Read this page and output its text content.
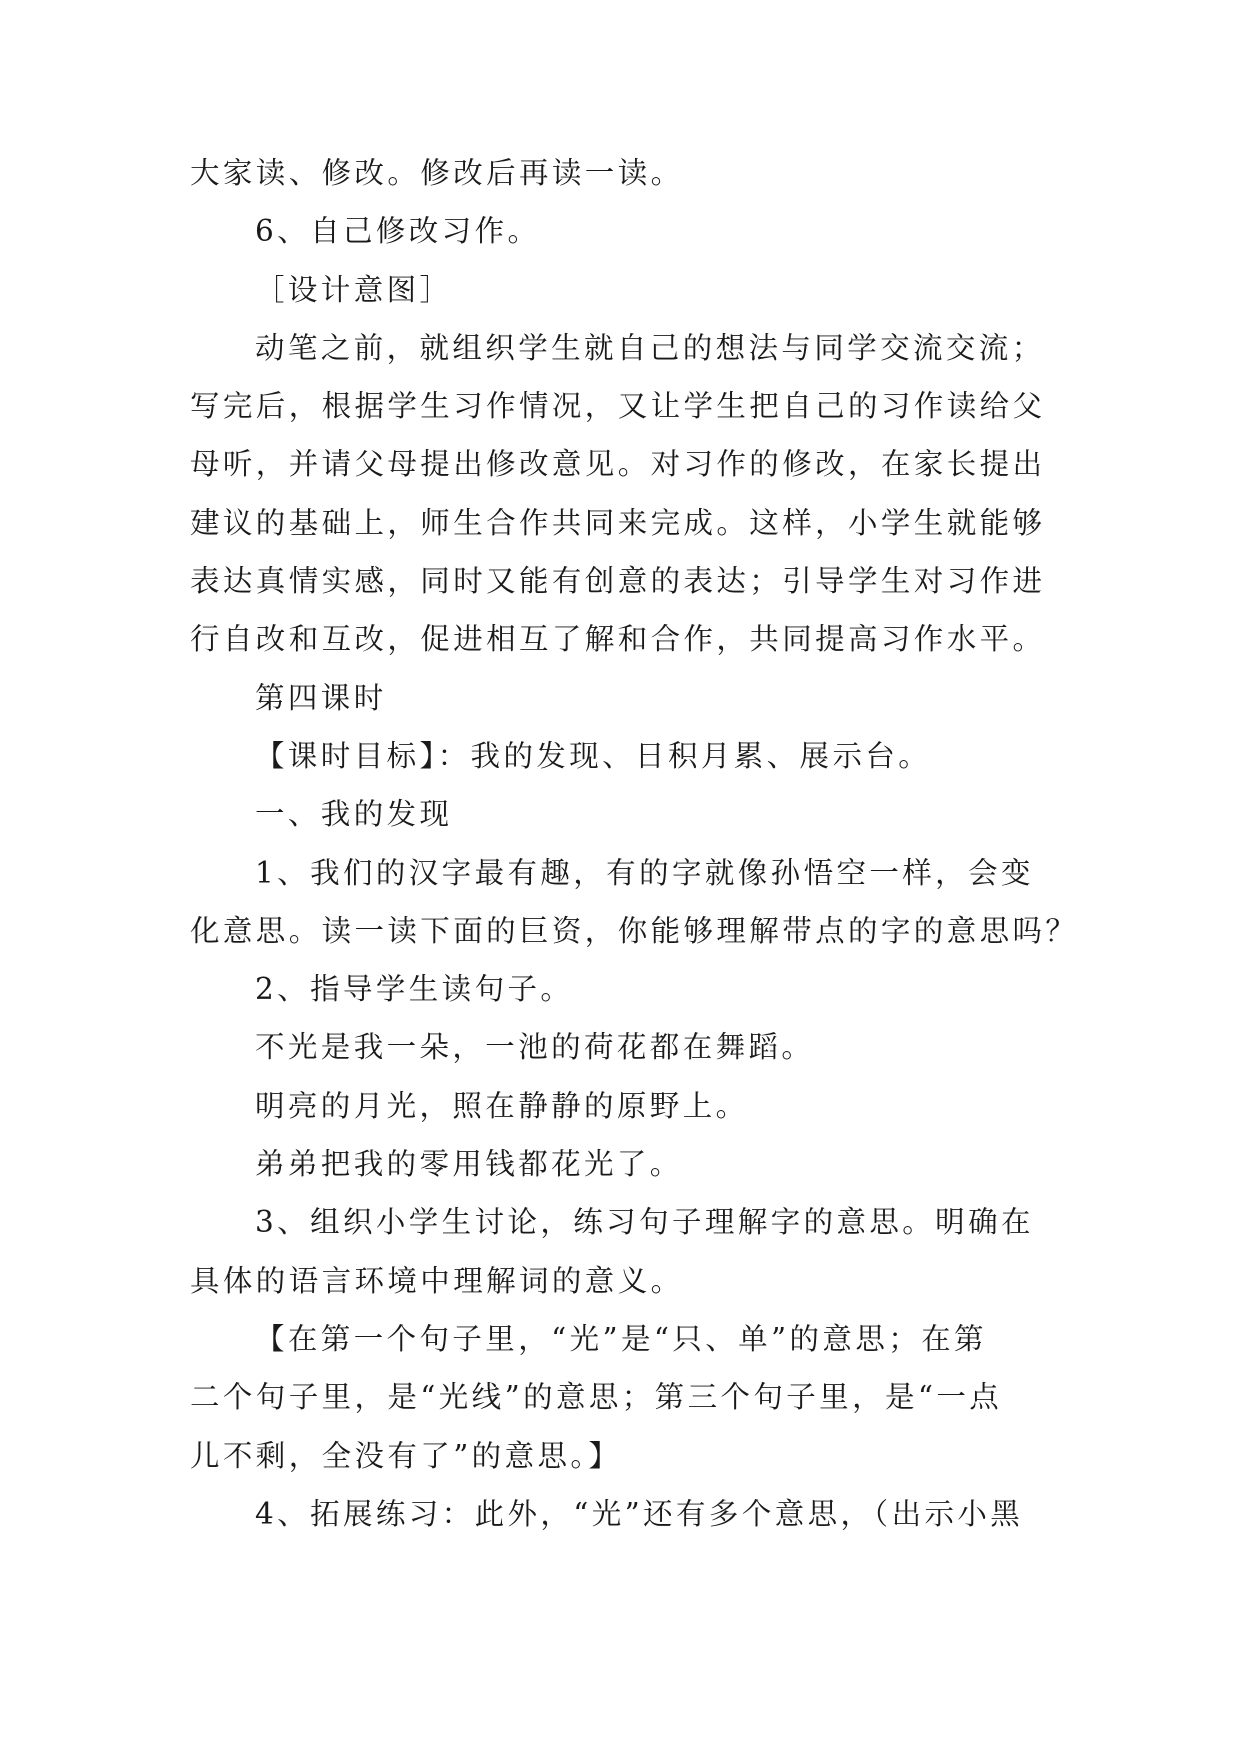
大家读、修改。修改后再读一读。
6、自己修改习作。
［设计意图］
动笔之前，就组织学生就自己的想法与同学交流交流；
写完后，根据学生习作情况，又让学生把自己的习作读给父
母听，并请父母提出修改意见。对习作的修改，在家长提出
建议的基础上，师生合作共同来完成。这样，小学生就能够
表达真情实感，同时又能有创意的表达；引导学生对习作进
行自改和互改，促进相互了解和合作，共同提高习作水平。
第四课时
【课时目标】：我的发现、日积月累、展示台。
一、我的发现
1、我们的汉字最有趣，有的字就像孙悟空一样，会变
化意思。读一读下面的巨资，你能够理解带点的字的意思吗？
2、指导学生读句子。
不光是我一朵，一池的荷花都在舞蹈。
明亮的月光，照在静静的原野上。
弟弟把我的零用钱都花光了。
3、组织小学生讨论，练习句子理解字的意思。明确在
具体的语言环境中理解词的意义。
【在第一个句子里，“光”是“只、单”的意思；在第
二个句子里，是“光线”的意思；第三个句子里，是“一点
儿不剩，全没有了”的意思。】
4、拓展练习：此外，“光”还有多个意思，（出示小黑
